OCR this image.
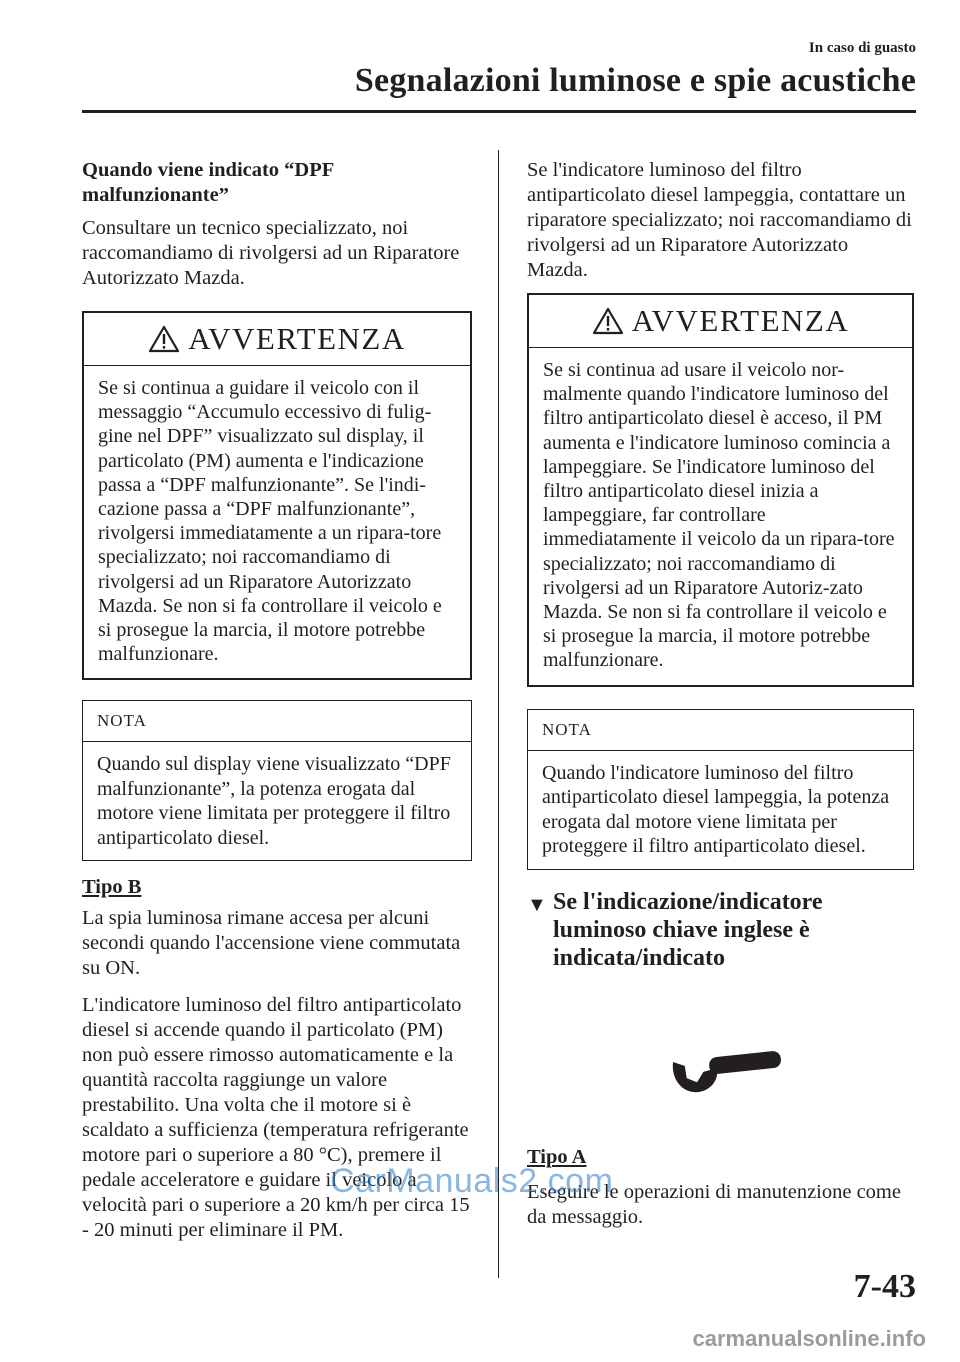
In caso di guasto
Segnalazioni luminose e spie acustiche

Quando viene indicato “DPF malfunzionante”

Consultare un tecnico specializzato, noi raccomandiamo di rivolgersi ad un Riparatore Autorizzato Mazda.

AVVERTENZA
Se si continua a guidare il veicolo con il messaggio “Accumulo eccessivo di fulig-gine nel DPF” visualizzato sul display, il particolato (PM) aumenta e l'indicazione passa a “DPF malfunzionante”. Se l'indi-cazione passa a “DPF malfunzionante”, rivolgersi immediatamente a un ripara-tore specializzato; noi raccomandiamo di rivolgersi ad un Riparatore Autorizzato Mazda. Se non si fa controllare il veicolo e si prosegue la marcia, il motore potrebbe malfunzionare.
NOTA
Quando sul display viene visualizzato “DPF malfunzionante”, la potenza erogata dal motore viene limitata per proteggere il filtro antiparticolato diesel.

Tipo B

La spia luminosa rimane accesa per alcuni secondi quando l'accensione viene commutata su ON.

L'indicatore luminoso del filtro antiparticolato diesel si accende quando il particolato (PM) non può essere rimosso automaticamente e la quantità raccolta raggiunge un valore prestabilito. Una volta che il motore si è scaldato a sufficienza (temperatura refrigerante motore pari o superiore a 80 °C), premere il pedale acceleratore e guidare il veicolo a velocità pari o superiore a 20 km/h per circa 15 - 20 minuti per eliminare il PM.

Se l'indicatore luminoso del filtro antiparticolato diesel lampeggia, contattare un riparatore specializzato; noi raccomandiamo di rivolgersi ad un Riparatore Autorizzato Mazda.

AVVERTENZA
Se si continua ad usare il veicolo nor-malmente quando l'indicatore luminoso del filtro antiparticolato diesel è acceso, il PM aumenta e l'indicatore luminoso comincia a lampeggiare. Se l'indicatore luminoso del filtro antiparticolato diesel inizia a lampeggiare, far controllare immediatamente il veicolo da un ripara-tore specializzato; noi raccomandiamo di rivolgersi ad un Riparatore Autoriz-zato Mazda. Se non si fa controllare il veicolo e si prosegue la marcia, il motore potrebbe malfunzionare.
NOTA
Quando l'indicatore luminoso del filtro antiparticolato diesel lampeggia, la potenza erogata dal motore viene limitata per proteggere il filtro antiparticolato diesel.
▼ Se l'indicazione/indicatore luminoso chiave inglese è indicata/indicato

Tipo A

Eseguire le operazioni di manutenzione come da messaggio.

CarManuals2.com
7-43
carmanualsonline.info
